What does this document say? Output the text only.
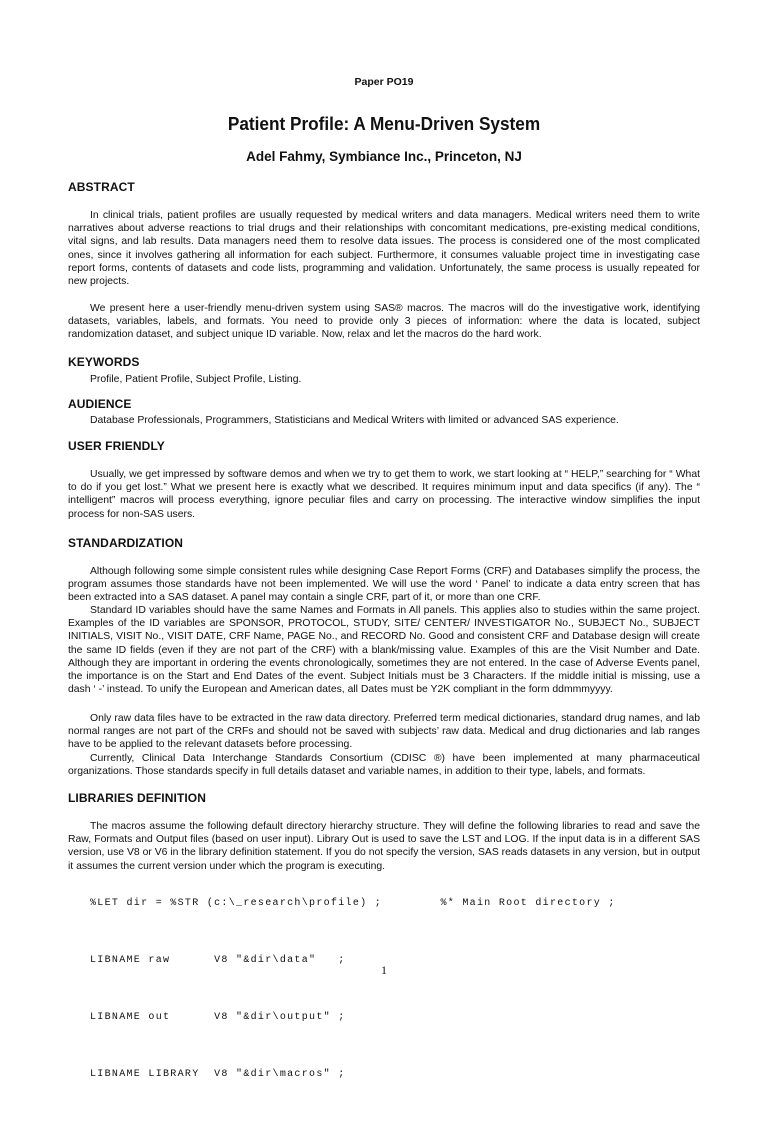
Paper PO19
Patient Profile: A Menu-Driven System
Adel Fahmy, Symbiance Inc., Princeton, NJ
ABSTRACT
In clinical trials, patient profiles are usually requested by medical writers and data managers. Medical writers need them to write narratives about adverse reactions to trial drugs and their relationships with concomitant medications, pre-existing medical conditions, vital signs, and lab results. Data managers need them to resolve data issues. The process is considered one of the most complicated ones, since it involves gathering all information for each subject. Furthermore, it consumes valuable project time in investigating case report forms, contents of datasets and code lists, programming and validation. Unfortunately, the same process is usually repeated for new projects.
We present here a user-friendly menu-driven system using SAS® macros. The macros will do the investigative work, identifying datasets, variables, labels, and formats. You need to provide only 3 pieces of information: where the data is located, subject randomization dataset, and subject unique ID variable. Now, relax and let the macros do the hard work.
KEYWORDS
Profile, Patient Profile, Subject Profile, Listing.
AUDIENCE
Database Professionals, Programmers, Statisticians and Medical Writers with limited or advanced SAS experience.
USER FRIENDLY
Usually, we get impressed by software demos and when we try to get them to work, we start looking at “ HELP,” searching for “ What to do if you get lost.” What we present here is exactly what we described. It requires minimum input and data specifics (if any). The “ intelligent” macros will process everything, ignore peculiar files and carry on processing. The interactive window simplifies the input process for non-SAS users.
STANDARDIZATION
Although following some simple consistent rules while designing Case Report Forms (CRF) and Databases simplify the process, the program assumes those standards have not been implemented. We will use the word ‘ Panel’ to indicate a data entry screen that has been extracted into a SAS dataset. A panel may contain a single CRF, part of it, or more than one CRF.
Standard ID variables should have the same Names and Formats in All panels. This applies also to studies within the same project. Examples of the ID variables are SPONSOR, PROTOCOL, STUDY, SITE/ CENTER/ INVESTIGATOR No., SUBJECT No., SUBJECT INITIALS, VISIT No., VISIT DATE, CRF Name, PAGE No., and RECORD No. Good and consistent CRF and Database design will create the same ID fields (even if they are not part of the CRF) with a blank/missing value. Examples of this are the Visit Number and Date. Although they are important in ordering the events chronologically, sometimes they are not entered. In the case of Adverse Events panel, the importance is on the Start and End Dates of the event. Subject Initials must be 3 Characters. If the middle initial is missing, use a dash ‘ -’ instead. To unify the European and American dates, all Dates must be Y2K compliant in the form ddmmmyyyy.
Only raw data files have to be extracted in the raw data directory. Preferred term medical dictionaries, standard drug names, and lab normal ranges are not part of the CRFs and should not be saved with subjects’ raw data. Medical and drug dictionaries and lab ranges have to be applied to the relevant datasets before processing.
Currently, Clinical Data Interchange Standards Consortium (CDISC ®) have been implemented at many pharmaceutical organizations. Those standards specify in full details dataset and variable names, in addition to their type, labels, and formats.
LIBRARIES DEFINITION
The macros assume the following default directory hierarchy structure. They will define the following libraries to read and save the Raw, Formats and Output files (based on user input). Library Out is used to save the LST and LOG. If the input data is in a different SAS version, use V8 or V6 in the library definition statement. If you do not specify the version, SAS reads datasets in any version, but in output it assumes the current version under which the program is executing.

%LET dir = %STR (c:\_research\profile) ;        %* Main Root directory ;

LIBNAME raw      V8 "&dir\data"   ;

LIBNAME out      V8 "&dir\output" ;

LIBNAME LIBRARY  V8 "&dir\macros" ;

1
